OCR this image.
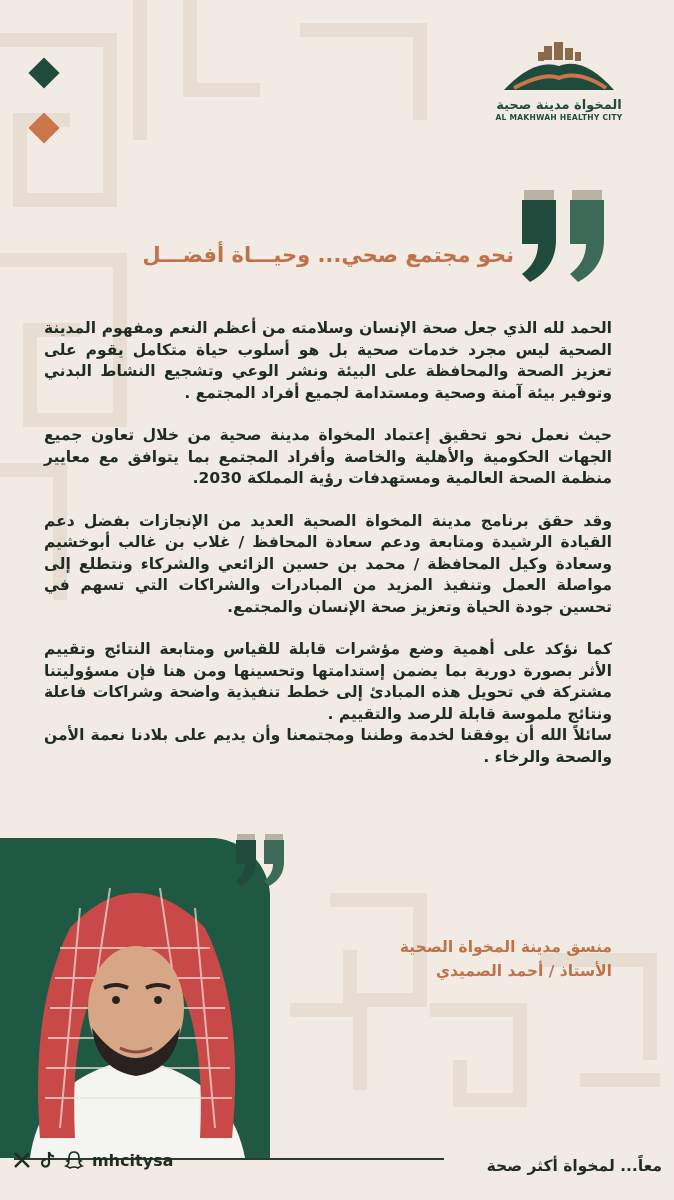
المخواة مدينة صحية
AL MAKHWAH HEALTHY CITY
نحو مجتمع صحي... وحيـــاة أفضـــل

الحمد لله الذي جعل صحة الإنسان وسلامته من أعظم النعم ومفهوم المدينة الصحية ليس مجرد خدمات صحية بل هو أسلوب حياة متكامل يقوم على تعزيز الصحة والمحافظة على البيئة ونشر الوعي وتشجيع النشاط البدني وتوفير بيئة آمنة وصحية ومستدامة لجميع أفراد المجتمع .

حيث نعمل نحو تحقيق إعتماد المخواة مدينة صحية من خلال تعاون جميع الجهات الحكومية والأهلية والخاصة وأفراد المجتمع بما يتوافق مع معايير منظمة الصحة العالمية ومستهدفات رؤية المملكة 2030.

وقد حقق برنامج مدينة المخواة الصحية العديد من الإنجازات بفضل دعم القيادة الرشيدة ومتابعة ودعم سعادة المحافظ / غلاب بن غالب أبوخشيم وسعادة وكيل المحافظة / محمد بن حسين الزائعي والشركاء ونتطلع إلى مواصلة العمل وتنفيذ المزيد من المبادرات والشراكات التي تسهم في تحسين جودة الحياة وتعزيز صحة الإنسان والمجتمع.

كما نؤكد على أهمية وضع مؤشرات قابلة للقياس ومتابعة النتائج وتقييم الأثر بصورة دورية بما يضمن إستدامتها وتحسينها ومن هنا فإن مسؤوليتنا مشتركة في تحويل هذه المبادئ إلى خطط تنفيذية واضحة وشراكات فاعلة ونتائج ملموسة قابلة للرصد والتقييم .

سائلاً الله أن يوفقنا لخدمة وطننا ومجتمعنا وأن يديم على بلادنا نعمة الأمن والصحة والرخاء .

منسق مدينة المخواة الصحية
الأستاذ / أحمد الصميدي
معاً... لمخواة أكثر صحة
mhcitysa
